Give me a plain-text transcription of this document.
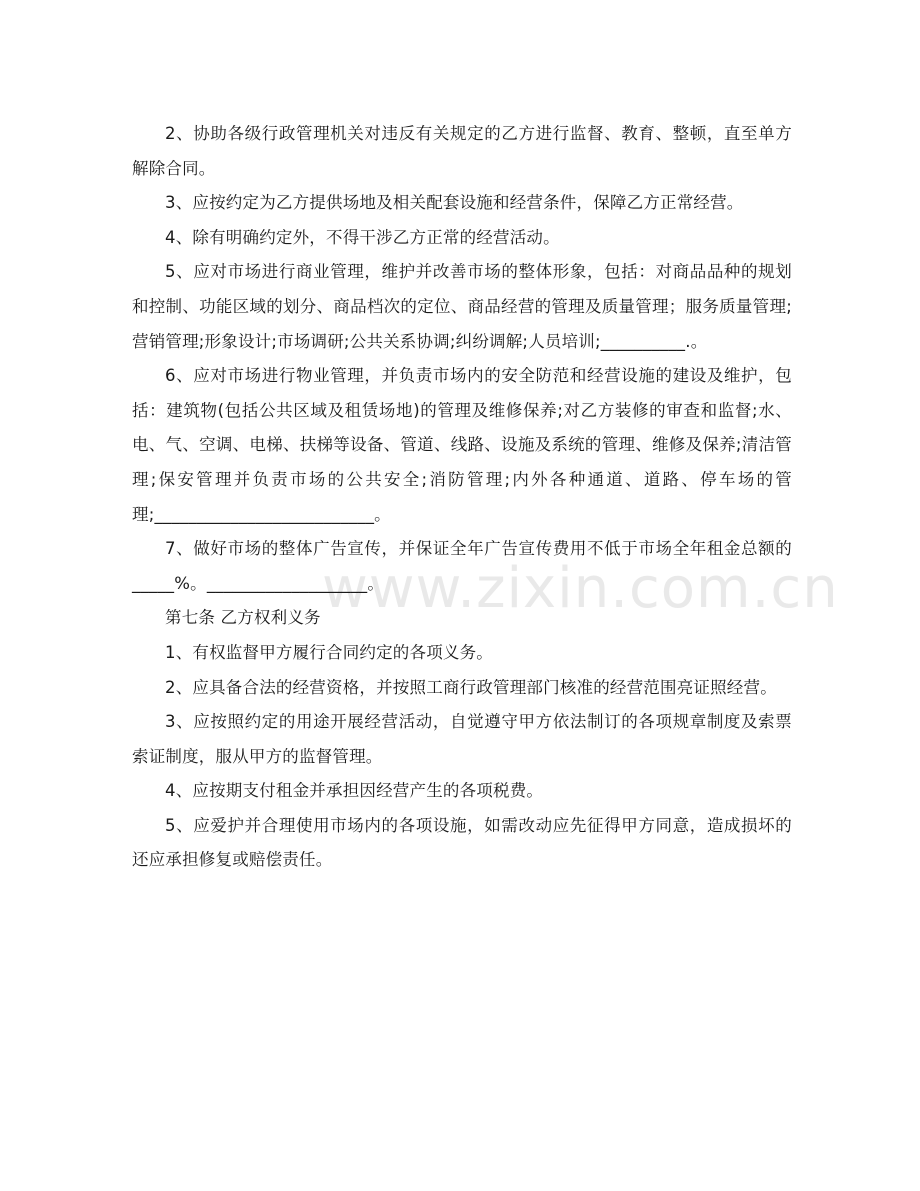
www.zixin.com.cn

2、协助各级行政管理机关对违反有关规定的乙方进行监督、教育、整顿，直至单方解除合同。

3、应按约定为乙方提供场地及相关配套设施和经营条件，保障乙方正常经营。

4、除有明确约定外，不得干涉乙方正常的经营活动。

5、应对市场进行商业管理，维护并改善市场的整体形象，包括：对商品品种的规划和控制、功能区域的划分、商品档次的定位、商品经营的管理及质量管理；服务质量管理;营销管理;形象设计;市场调研;公共关系协调;纠纷调解;人员培训;__________.。

6、应对市场进行物业管理，并负责市场内的安全防范和经营设施的建设及维护，包括：建筑物(包括公共区域及租赁场地)的管理及维修保养;对乙方装修的审查和监督;水、电、气、空调、电梯、扶梯等设备、管道、线路、设施及系统的管理、维修及保养;清洁管理;保安管理并负责市场的公共安全;消防管理;内外各种通道、道路、停车场的管理;__________________________。

7、做好市场的整体广告宣传，并保证全年广告宣传费用不低于市场全年租金总额的_____%。___________________。

第七条 乙方权利义务

1、有权监督甲方履行合同约定的各项义务。

2、应具备合法的经营资格，并按照工商行政管理部门核准的经营范围亮证照经营。

3、应按照约定的用途开展经营活动，自觉遵守甲方依法制订的各项规章制度及索票索证制度，服从甲方的监督管理。

4、应按期支付租金并承担因经营产生的各项税费。

5、应爱护并合理使用市场内的各项设施，如需改动应先征得甲方同意，造成损坏的还应承担修复或赔偿责任。
